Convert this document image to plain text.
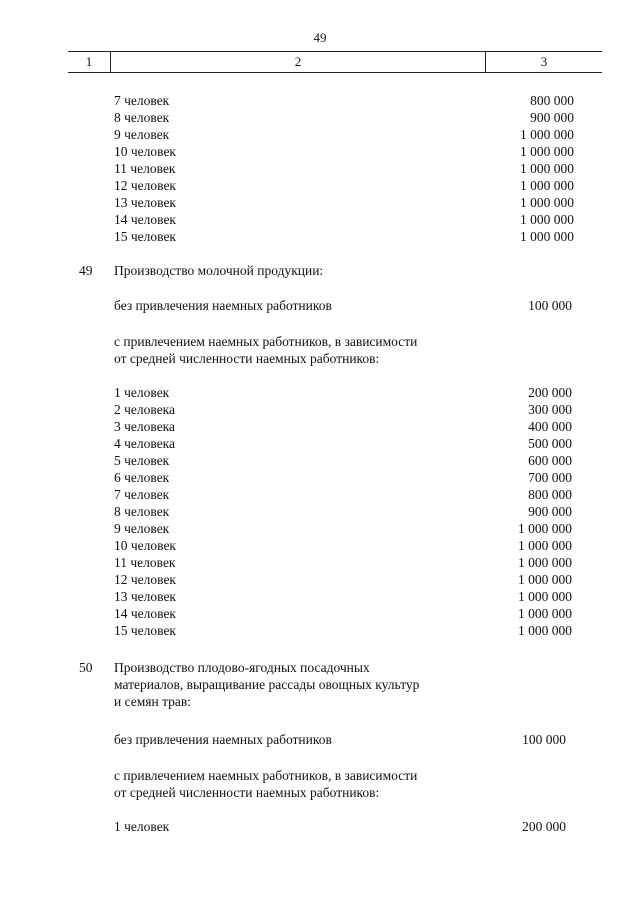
49
1	2	3
7 человек	800 000
8 человек	900 000
9 человек	1 000 000
10 человек	1 000 000
11 человек	1 000 000
12 человек	1 000 000
13 человек	1 000 000
14 человек	1 000 000
15 человек	1 000 000
49 Производство молочной продукции:
без привлечения наемных работников	100 000
с привлечением наемных работников, в зависимости
от средней численности наемных работников:
1 человек	200 000
2 человека	300 000
3 человека	400 000
4 человека	500 000
5 человек	600 000
6 человек	700 000
7 человек	800 000
8 человек	900 000
9 человек	1 000 000
10 человек	1 000 000
11 человек	1 000 000
12 человек	1 000 000
13 человек	1 000 000
14 человек	1 000 000
15 человек	1 000 000
50 Производство плодово-ягодных посадочных
материалов, выращивание рассады овощных культур
и семян трав:
без привлечения наемных работников	100 000
с привлечением наемных работников, в зависимости
от средней численности наемных работников:
1 человек	200 000
